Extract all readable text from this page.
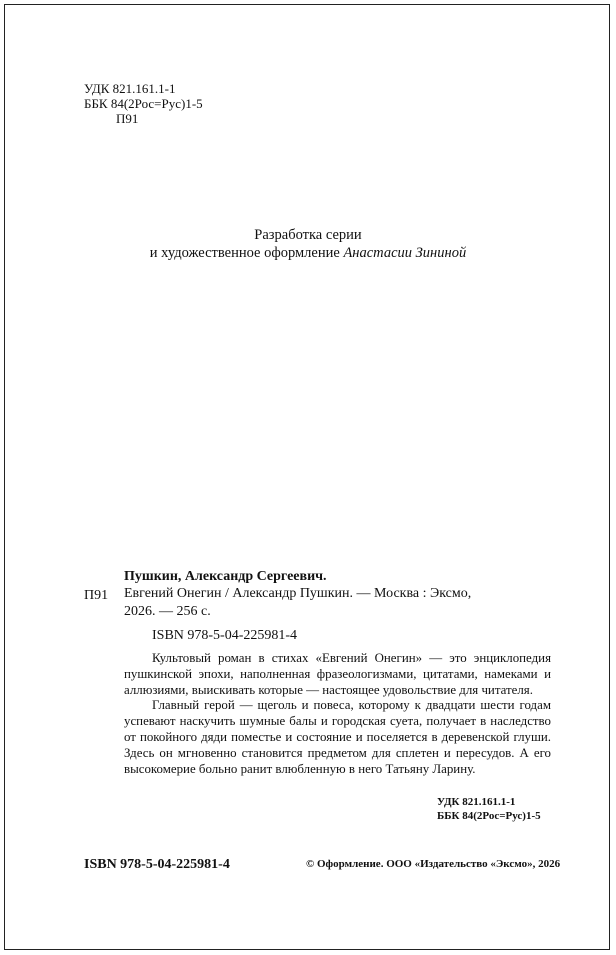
УДК 821.161.1-1
ББК 84(2Рос=Рус)1-5
П91
Разработка серии
и художественное оформление Анастасии Зининой
Пушкин, Александр Сергеевич.
П91 Евгений Онегин / Александр Пушкин. — Москва : Эксмо,
2026. — 256 с.
ISBN 978-5-04-225981-4

Культовый роман в стихах «Евгений Онегин» — это энциклопедия пушкинской эпохи, наполненная фразеологизмами, цитатами, намеками и аллюзиями, выискивать которые — настоящее удовольствие для читателя.

Главный герой — щеголь и повеса, которому к двадцати шести годам успевают наскучить шумные балы и городская суета, получает в наследство от покойного дяди поместье и состояние и поселяется в деревенской глуши. Здесь он мгновенно становится предметом для сплетен и пересудов. А его высокомерие больно ранит влюбленную в него Татьяну Ларину.

УДК 821.161.1-1
ББК 84(2Рос=Рус)1-5
ISBN 978-5-04-225981-4	© Оформление. ООО «Издательство «Эксмо», 2026
